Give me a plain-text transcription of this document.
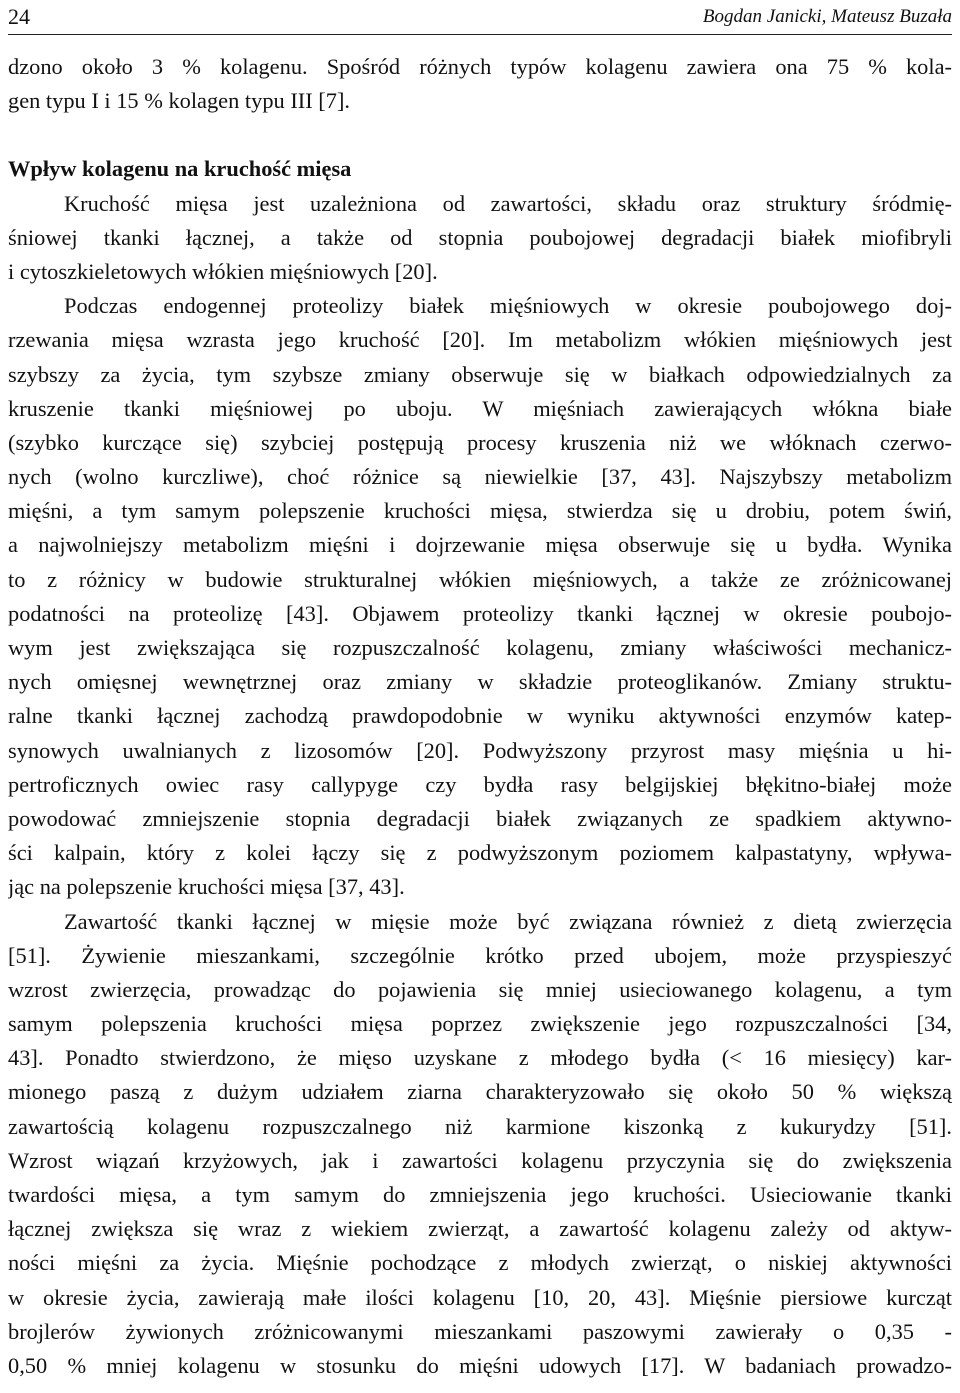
24	Bogdan Janicki, Mateusz Buzała
dzono około 3 % kolagenu. Spośród różnych typów kolagenu zawiera ona 75 % kola-
gen typu I i 15 % kolagen typu III [7].
Wpływ kolagenu na kruchość mięsa
Kruchość mięsa jest uzależniona od zawartości, składu oraz struktury śródmię-
śniowej tkanki łącznej, a także od stopnia poubojowej degradacji białek miofibryli
i cytoszkieletowych włókien mięśniowych [20].
Podczas endogennej proteolizy białek mięśniowych w okresie poubojowego doj-
rzewania mięsa wzrasta jego kruchość [20]. Im metabolizm włókien mięśniowych jest
szybszy za życia, tym szybsze zmiany obserwuje się w białkach odpowiedzialnych za
kruszenie tkanki mięśniowej po uboju. W mięśniach zawierających włókna białe
(szybko kurczące się) szybciej postępują procesy kruszenia niż we włóknach czerwo-
nych (wolno kurczliwe), choć różnice są niewielkie [37, 43]. Najszybszy metabolizm
mięśni, a tym samym polepszenie kruchości mięsa, stwierdza się u drobiu, potem świń,
a najwolniejszy metabolizm mięśni i dojrzewanie mięsa obserwuje się u bydła. Wynika
to z różnicy w budowie strukturalnej włókien mięśniowych, a także ze zróżnicowanej
podatności na proteolizę [43]. Objawem proteolizy tkanki łącznej w okresie poubojo-
wym jest zwiększająca się rozpuszczalność kolagenu, zmiany właściwości mechanicz-
nych omięsnej wewnętrznej oraz zmiany w składzie proteoglikanów. Zmiany struktu-
ralne tkanki łącznej zachodzą prawdopodobnie w wyniku aktywności enzymów katep-
synowych uwalnianych z lizosomów [20]. Podwyższony przyrost masy mięśnia u hi-
pertroficznych owiec rasy callypyge czy bydła rasy belgijskiej błękitno-białej może
powodować zmniejszenie stopnia degradacji białek związanych ze spadkiem aktywno-
ści kalpain, który z kolei łączy się z podwyższonym poziomem kalpastatyny, wpływa-
jąc na polepszenie kruchości mięsa [37, 43].
Zawartość tkanki łącznej w mięsie może być związana również z dietą zwierzęcia
[51]. Żywienie mieszankami, szczególnie krótko przed ubojem, może przyspieszyć
wzrost zwierzęcia, prowadząc do pojawienia się mniej usieciowanego kolagenu, a tym
samym polepszenia kruchości mięsa poprzez zwiększenie jego rozpuszczalności [34,
43]. Ponadto stwierdzono, że mięso uzyskane z młodego bydła (< 16 miesięcy) kar-
mionego paszą z dużym udziałem ziarna charakteryzowało się około 50 % większą
zawartością kolagenu rozpuszczalnego niż karmione kiszonką z kukurydzy [51].
Wzrost wiązań krzyżowych, jak i zawartości kolagenu przyczynia się do zwiększenia
twardości mięsa, a tym samym do zmniejszenia jego kruchości. Usieciowanie tkanki
łącznej zwiększa się wraz z wiekiem zwierząt, a zawartość kolagenu zależy od aktyw-
ności mięśni za życia. Mięśnie pochodzące z młodych zwierząt, o niskiej aktywności
w okresie życia, zawierają małe ilości kolagenu [10, 20, 43]. Mięśnie piersiowe kurcząt
brojlerów żywionych zróżnicowanymi mieszankami paszowymi zawierały o 0,35 -
0,50 % mniej kolagenu w stosunku do mięśni udowych [17]. W badaniach prowadzo-
